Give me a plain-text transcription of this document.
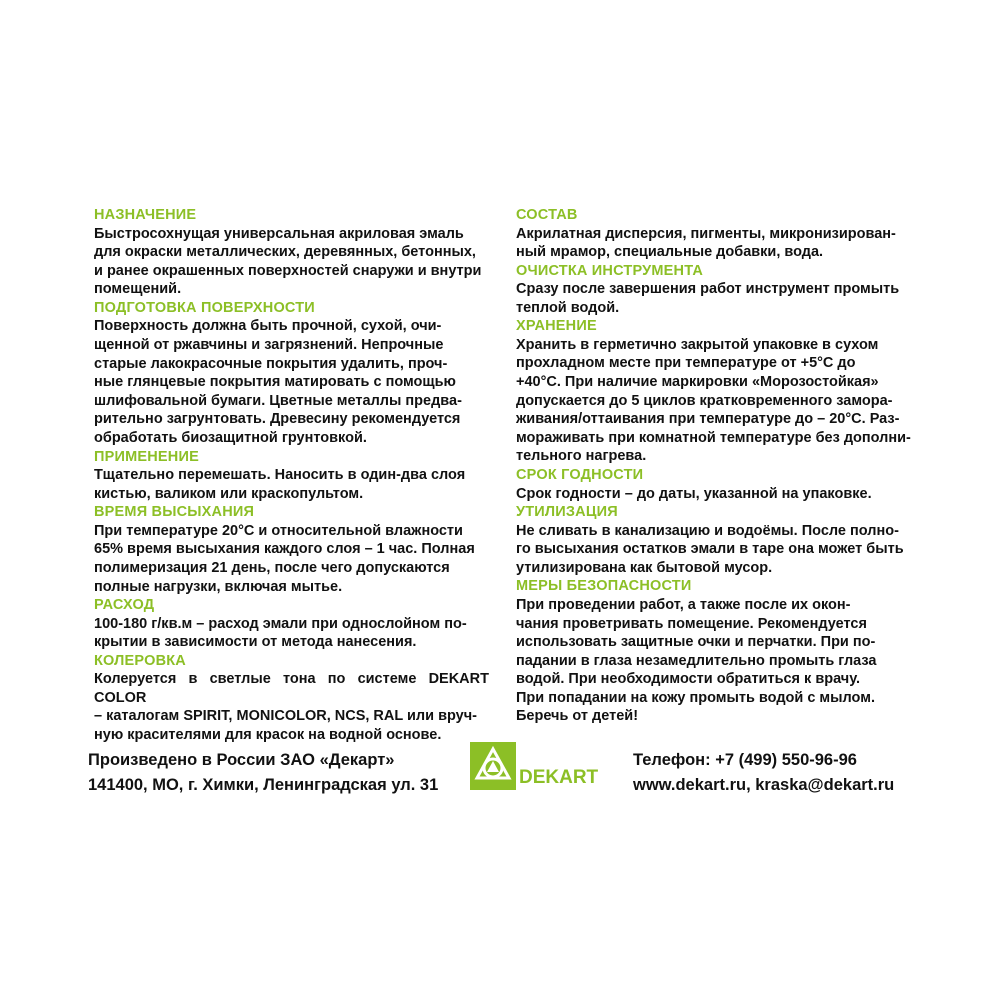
НАЗНАЧЕНИЕ
Быстросохнущая универсальная акриловая эмаль
для окраски металлических, деревянных, бетонных,
и ранее окрашенных поверхностей снаружи и внутри
помещений.
ПОДГОТОВКА ПОВЕРХНОСТИ
Поверхность должна быть прочной, сухой, очи-
щенной от ржавчины и загрязнений. Непрочные
старые лакокрасочные покрытия удалить, проч-
ные глянцевые покрытия матировать с помощью
шлифовальной бумаги. Цветные металлы предва-
рительно загрунтовать. Древесину рекомендуется
обработать биозащитной грунтовкой.
ПРИМЕНЕНИЕ
Тщательно перемешать. Наносить в один-два слоя
кистью, валиком или краскопультом.
ВРЕМЯ ВЫСЫХАНИЯ
При температуре 20°С и относительной влажности
65% время высыхания каждого слоя – 1 час. Полная
полимеризация 21 день, после чего допускаются
полные нагрузки, включая мытье.
РАСХОД
100-180 г/кв.м – расход эмали при однослойном по-
крытии в зависимости от метода нанесения.
КОЛЕРОВКА
Колеруется в светлые тона по системе DEKART COLOR
– каталогам SPIRIT, MONICOLOR, NCS, RAL или вруч-
ную красителями для красок на водной основе.
СОСТАВ
Акрилатная дисперсия, пигменты, микронизирован-
ный мрамор, специальные добавки, вода.
ОЧИСТКА ИНСТРУМЕНТА
Сразу после завершения работ инструмент промыть
теплой водой.
ХРАНЕНИЕ
Хранить в герметично закрытой упаковке в сухом
прохладном месте при температуре от +5°С до
+40°С. При наличие маркировки «Морозостойкая»
допускается до 5 циклов кратковременного замора-
живания/оттаивания при температуре до – 20°С. Раз-
мораживать при комнатной температуре без дополни-
тельного нагрева.
СРОК ГОДНОСТИ
Срок годности – до даты, указанной на упаковке.
УТИЛИЗАЦИЯ
Не сливать в канализацию и водоёмы. После полно-
го высыхания остатков эмали в таре она может быть
утилизирована как бытовой мусор.
МЕРЫ БЕЗОПАСНОСТИ
При проведении работ, а также после их окон-
чания проветривать помещение. Рекомендуется
использовать защитные очки и перчатки. При по-
падании в глаза незамедлительно промыть глаза
водой. При необходимости обратиться к врачу.
При попадании на кожу промыть водой с мылом.
Беречь от детей!
Произведено в России ЗАО «Декарт»
141400, МО, г. Химки, Ленинградская ул. 31	DEKART
Телефон: +7 (499) 550-96-96
www.dekart.ru, kraska@dekart.ru
